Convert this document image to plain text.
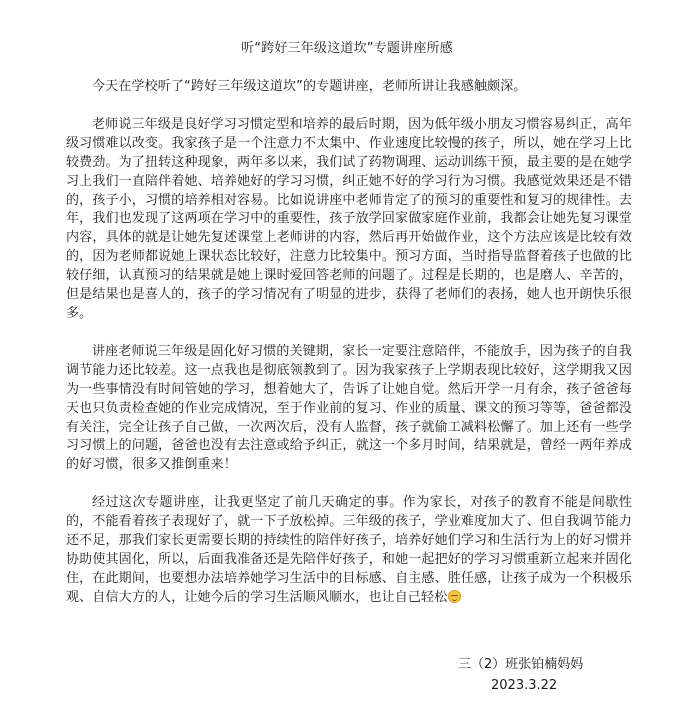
听“跨好三年级这道坎”专题讲座所感

今天在学校听了“跨好三年级这道坎”的专题讲座，老师所讲让我感触颇深。

老师说三年级是良好学习习惯定型和培养的最后时期，因为低年级小朋友习惯容易纠正，高年级习惯难以改变。我家孩子是一个注意力不太集中、作业速度比较慢的孩子，所以，她在学习上比较费劲。为了扭转这种现象，两年多以来，我们试了药物调理、运动训练干预，最主要的是在她学习上我们一直陪伴着她、培养她好的学习习惯，纠正她不好的学习行为习惯。我感觉效果还是不错的，孩子小，习惯的培养相对容易。比如说讲座中老师肯定了的预习的重要性和复习的规律性。去年，我们也发现了这两项在学习中的重要性，孩子放学回家做家庭作业前，我都会让她先复习课堂内容，具体的就是让她先复述课堂上老师讲的内容，然后再开始做作业，这个方法应该是比较有效的，因为老师都说她上课状态比较好，注意力比较集中。预习方面，当时指导监督着孩子也做的比较仔细，认真预习的结果就是她上课时爱回答老师的问题了。过程是长期的，也是磨人、辛苦的，但是结果也是喜人的，孩子的学习情况有了明显的进步，获得了老师们的表扬，她人也开朗快乐很多。

讲座老师说三年级是固化好习惯的关键期，家长一定要注意陪伴，不能放手，因为孩子的自我调节能力还比较差。这一点我也是彻底领教到了。因为我家孩子上学期表现比较好，这学期我又因为一些事情没有时间管她的学习，想着她大了，告诉了让她自觉。然后开学一月有余，孩子爸爸每天也只负责检查她的作业完成情况，至于作业前的复习、作业的质量、课文的预习等等，爸爸都没有关注，完全让孩子自己做，一次两次后，没有人监督，孩子就偷工减料松懈了。加上还有一些学习习惯上的问题，爸爸也没有去注意或给予纠正，就这一个多月时间，结果就是，曾经一两年养成的好习惯，很多又推倒重来！

经过这次专题讲座，让我更坚定了前几天确定的事。作为家长，对孩子的教育不能是间歇性的，不能看着孩子表现好了，就一下子放松掉。三年级的孩子，学业难度加大了、但自我调节能力还不足，那我们家长更需要长期的持续性的陪伴好孩子，培养好她们学习和生活行为上的好习惯并协助使其固化，所以，后面我准备还是先陪伴好孩子，和她一起把好的学习习惯重新立起来并固化住，在此期间，也要想办法培养她学习生活中的目标感、自主感、胜任感，让孩子成为一个积极乐观、自信大方的人，让她今后的学习生活顺风顺水，也让自己轻松

三（2）班张铂楠妈妈
2023.3.22
